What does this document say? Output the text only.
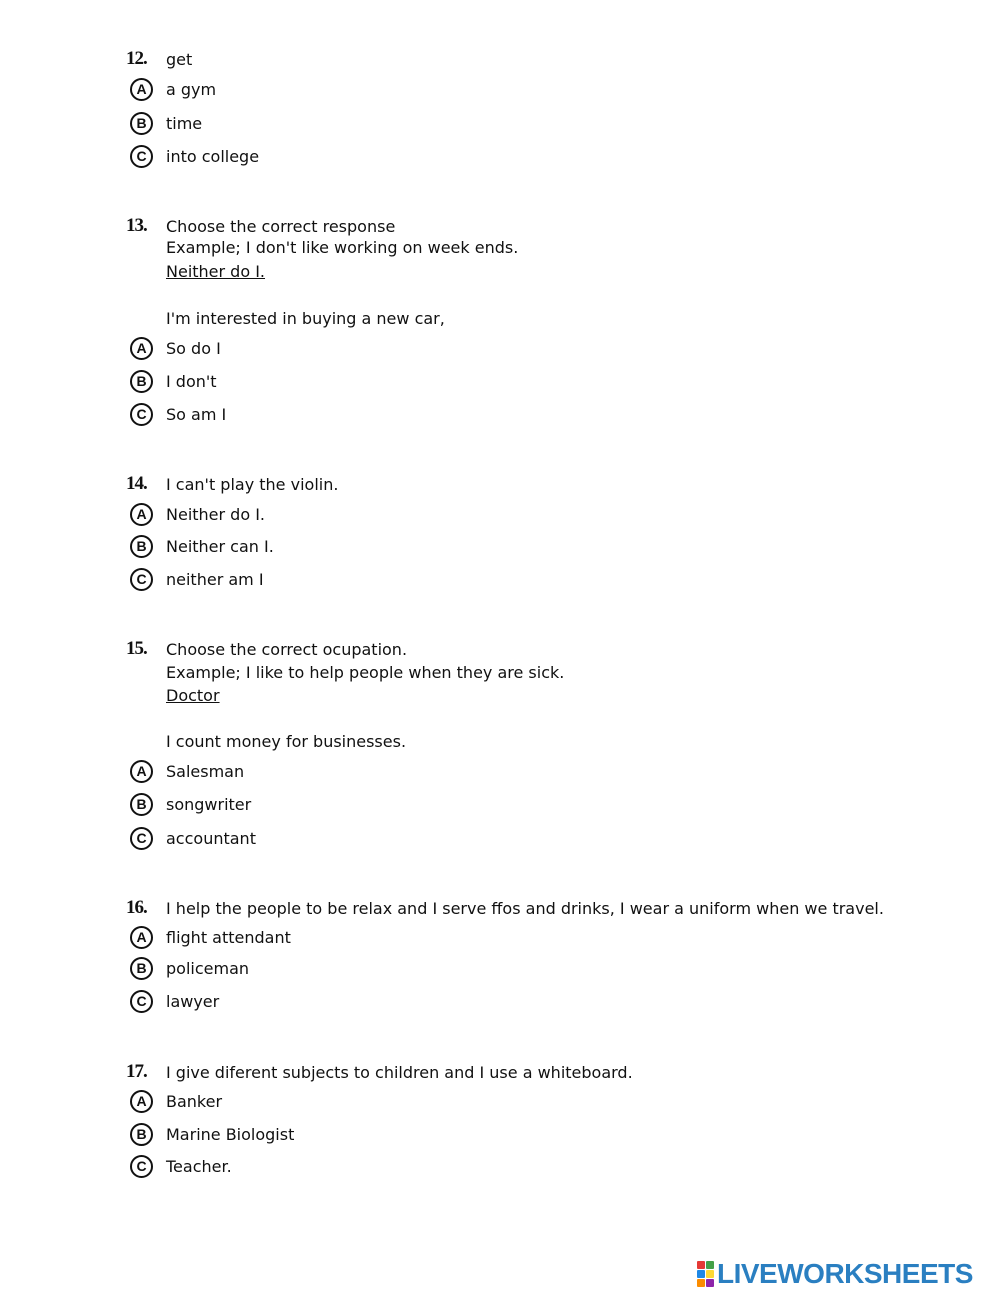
12. get
A	a gym
B	time
C	into college
13. Choose the correct response
Example; I don't like working on week ends.
Neither do I.
I'm interested in buying a new car,
A	So do I
B	I don't
C	So am I
14. I can't play the violin.
A	Neither do I.
B	Neither can I.
C	neither am I
15. Choose the correct ocupation.
Example; I like to help people when they are sick.
Doctor
I count money for businesses.
A	Salesman
B	songwriter
C	accountant
16. I help the people to be relax and I serve ffos and drinks, I wear a uniform when we travel.
A	flight attendant
B	policeman
C	lawyer
17. I give diferent subjects to children and I use a whiteboard.
A	Banker
B	Marine Biologist
C	Teacher.
LIVEWORKSHEETS
